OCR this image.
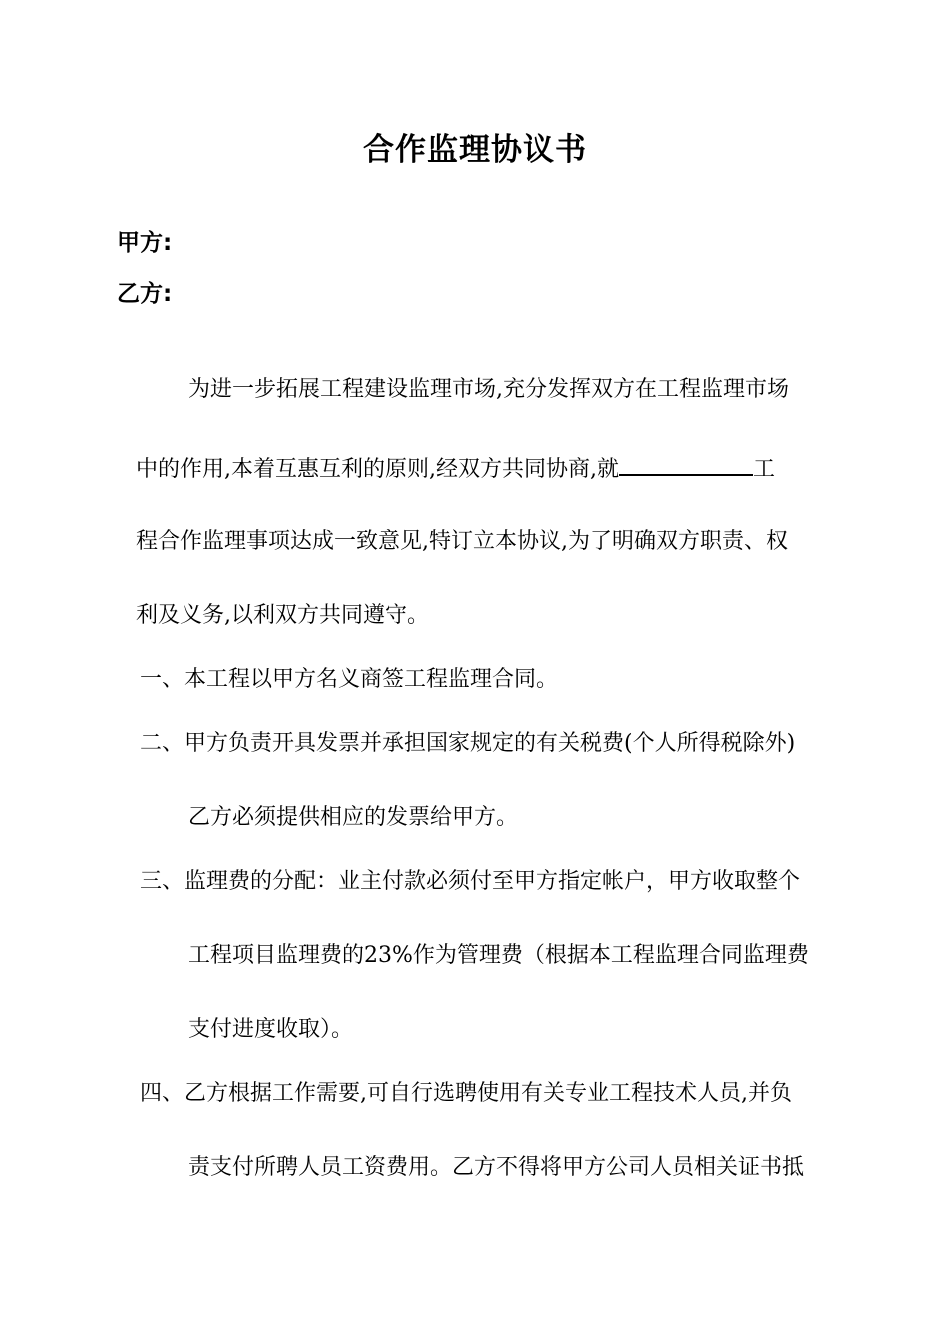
合作监理协议书
甲方:
乙方:
为进一步拓展工程建设监理市场,充分发挥双方在工程监理市场
中的作用,本着互惠互利的原则,经双方共同协商,就	工
程合作监理事项达成一致意见,特订立本协议,为了明确双方职责、权
利及义务,以利双方共同遵守。
一、本工程以甲方名义商签工程监理合同。
二、甲方负责开具发票并承担国家规定的有关税费(个人所得税除外)
乙方必须提供相应的发票给甲方。
三、监理费的分配：业主付款必须付至甲方指定帐户，甲方收取整个
工程项目监理费的23%作为管理费（根据本工程监理合同监理费
支付进度收取）。
四、乙方根据工作需要,可自行选聘使用有关专业工程技术人员,并负
责支付所聘人员工资费用。乙方不得将甲方公司人员相关证书抵
